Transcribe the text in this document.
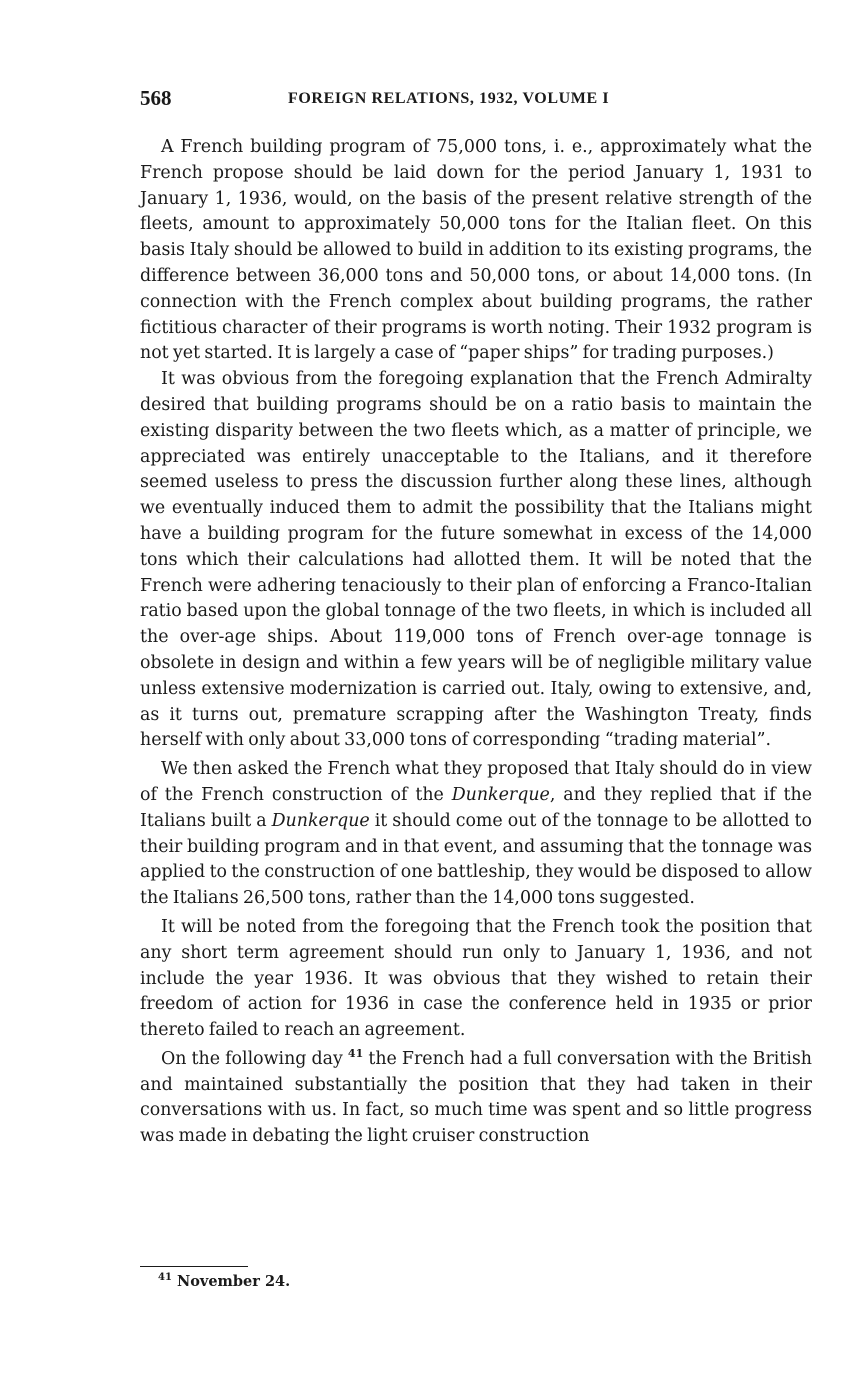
568	FOREIGN RELATIONS, 1932, VOLUME I

A French building program of 75,000 tons, i. e., approximately what the French propose should be laid down for the period January 1, 1931 to January 1, 1936, would, on the basis of the present relative strength of the fleets, amount to approximately 50,000 tons for the Italian fleet. On this basis Italy should be allowed to build in addition to its existing programs, the difference between 36,000 tons and 50,000 tons, or about 14,000 tons. (In connection with the French complex about building programs, the rather fictitious character of their programs is worth noting. Their 1932 program is not yet started. It is largely a case of “paper ships” for trading purposes.)

It was obvious from the foregoing explanation that the French Admiralty desired that building programs should be on a ratio basis to maintain the existing disparity between the two fleets which, as a matter of principle, we appreciated was entirely unacceptable to the Italians, and it therefore seemed useless to press the discussion further along these lines, although we eventually induced them to admit the possibility that the Italians might have a building program for the future somewhat in excess of the 14,000 tons which their calculations had allotted them. It will be noted that the French were adhering tenaciously to their plan of enforcing a Franco-Italian ratio based upon the global tonnage of the two fleets, in which is included all the over-age ships. About 119,000 tons of French over-age tonnage is obsolete in design and within a few years will be of negligible military value unless extensive modernization is carried out. Italy, owing to extensive, and, as it turns out, premature scrapping after the Washington Treaty, finds herself with only about 33,000 tons of corresponding “trading material”.

We then asked the French what they proposed that Italy should do in view of the French construction of the Dunkerque, and they replied that if the Italians built a Dunkerque it should come out of the tonnage to be allotted to their building program and in that event, and assuming that the tonnage was applied to the construction of one battleship, they would be disposed to allow the Italians 26,500 tons, rather than the 14,000 tons suggested.

It will be noted from the foregoing that the French took the position that any short term agreement should run only to January 1, 1936, and not include the year 1936. It was obvious that they wished to retain their freedom of action for 1936 in case the conference held in 1935 or prior thereto failed to reach an agreement.

On the following day $^{41}$ the French had a full conversation with the British and maintained substantially the position that they had taken in their conversations with us. In fact, so much time was spent and so little progress was made in debating the light cruiser construction

$^{41}$ November 24.
